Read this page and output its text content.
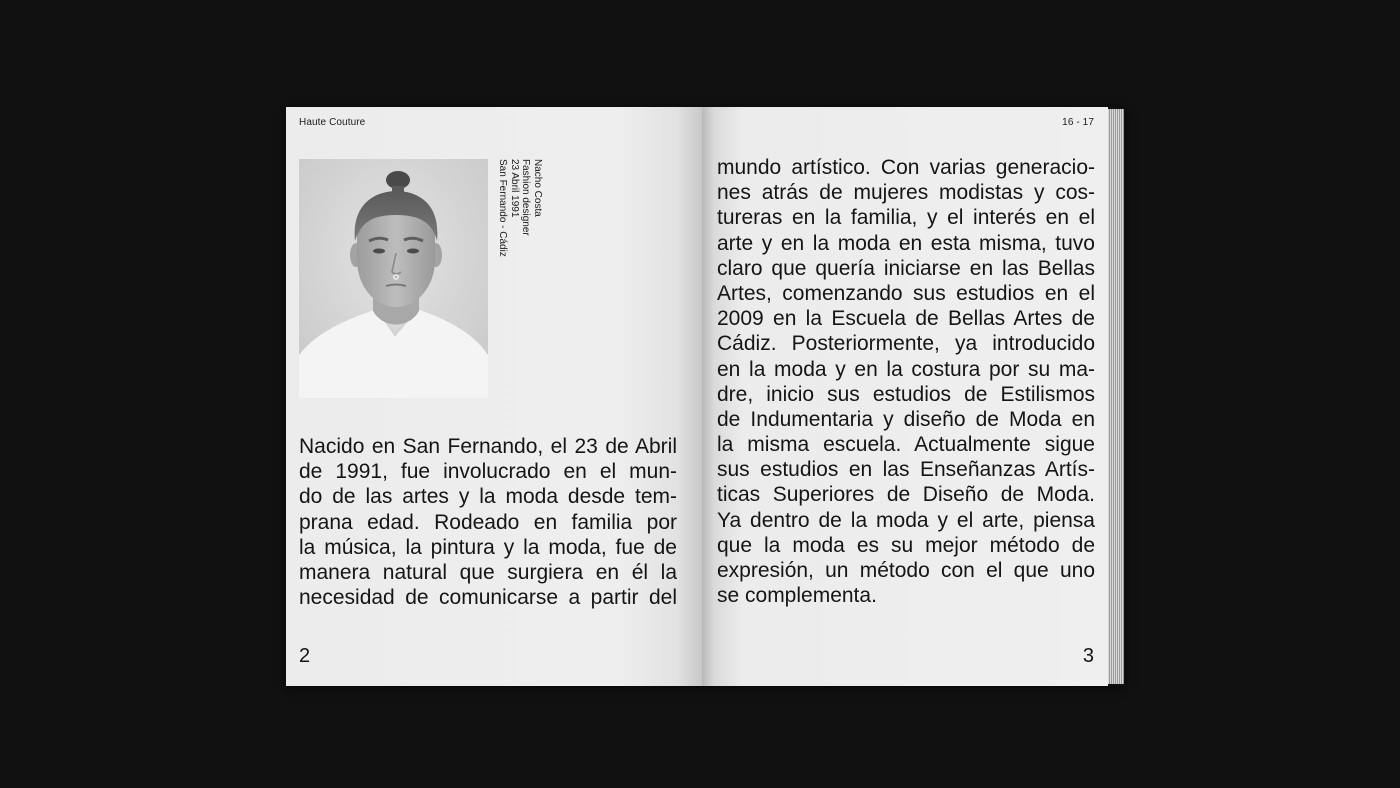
Haute Couture
Nacho Costa
Fashion designer
23 Abril 1991
San Fernando - Cádiz
Nacido en San Fernando, el 23 de Abril
de 1991, fue involucrado en el mun-
do de las artes y la moda desde tem-
prana edad. Rodeado en familia por
la música, la pintura y la moda, fue de
manera natural que surgiera en él la
necesidad de comunicarse a partir del
2
16 - 17
mundo artístico. Con varias generacio-
nes atrás de mujeres modistas y cos-
tureras en la familia, y el interés en el
arte y en la moda en esta misma, tuvo
claro que quería iniciarse en las Bellas
Artes, comenzando sus estudios en el
2009 en la Escuela de Bellas Artes de
Cádiz. Posteriormente, ya introducido
en la moda y en la costura por su ma-
dre, inicio sus estudios de Estilismos
de Indumentaria y diseño de Moda en
la misma escuela. Actualmente sigue
sus estudios en las Enseñanzas Artís-
ticas Superiores de Diseño de Moda.
Ya dentro de la moda y el arte, piensa
que la moda es su mejor método de
expresión, un método con el que uno
se complementa.
3
